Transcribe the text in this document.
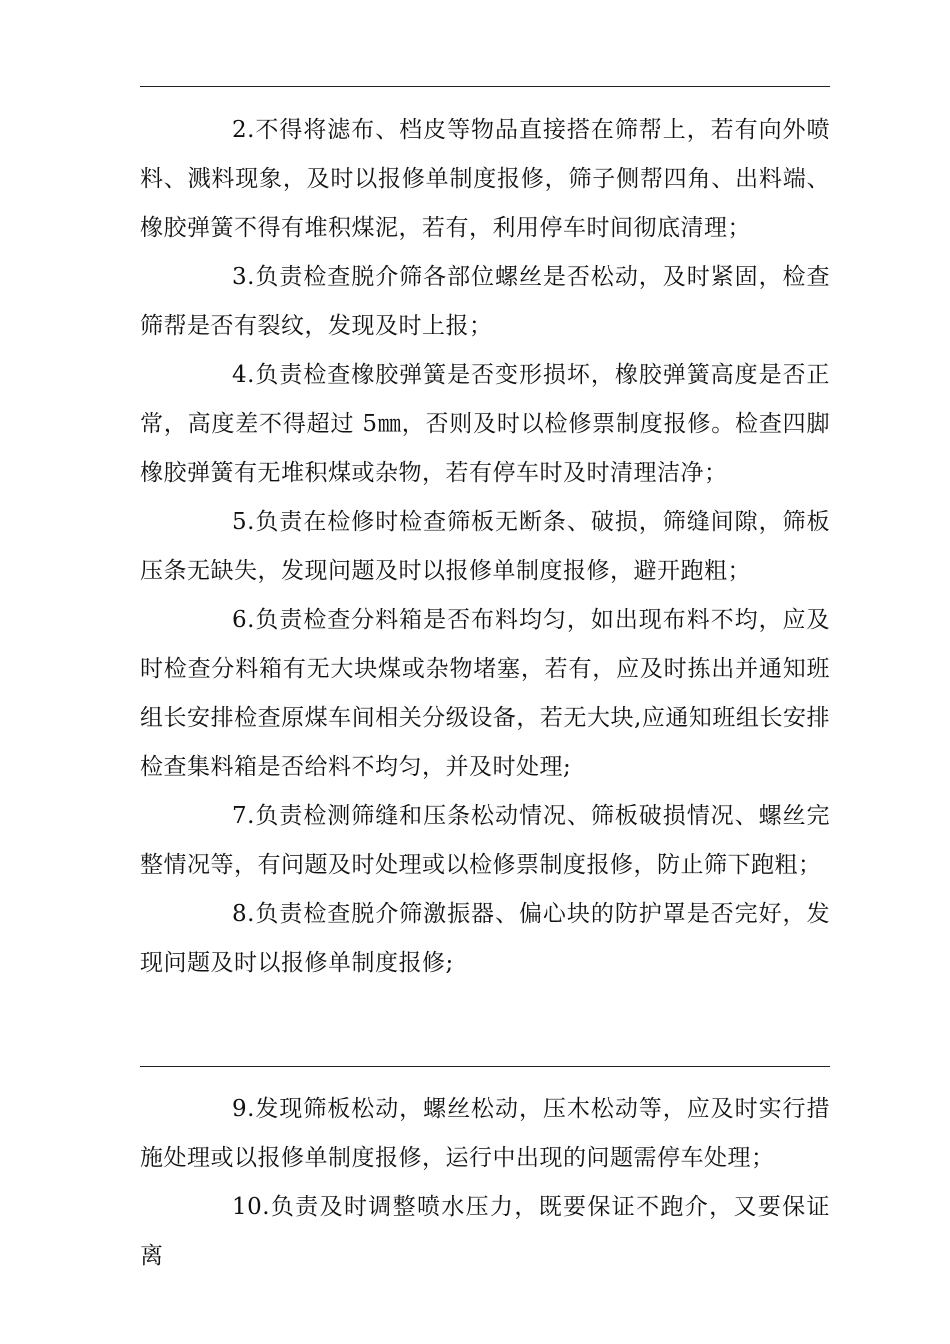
2.不得将滤布、档皮等物品直接搭在筛帮上，若有向外喷料、溅料现象，及时以报修单制度报修，筛子侧帮四角、出料端、橡胶弹簧不得有堆积煤泥，若有，利用停车时间彻底清理；

3.负责检查脱介筛各部位螺丝是否松动，及时紧固，检查筛帮是否有裂纹，发现及时上报；

4.负责检查橡胶弹簧是否变形损坏，橡胶弹簧高度是否正常，高度差不得超过 5㎜，否则及时以检修票制度报修。检查四脚橡胶弹簧有无堆积煤或杂物，若有停车时及时清理洁净；

5.负责在检修时检查筛板无断条、破损，筛缝间隙，筛板压条无缺失，发现问题及时以报修单制度报修，避开跑粗；

6.负责检查分料箱是否布料均匀，如出现布料不均，应及时检查分料箱有无大块煤或杂物堵塞，若有，应及时拣出并通知班组长安排检查原煤车间相关分级设备，若无大块,应通知班组长安排检查集料箱是否给料不均匀，并及时处理;

7.负责检测筛缝和压条松动情况、筛板破损情况、螺丝完整情况等，有问题及时处理或以检修票制度报修，防止筛下跑粗；

8.负责检查脱介筛激振器、偏心块的防护罩是否完好，发现问题及时以报修单制度报修;

9.发现筛板松动，螺丝松动，压木松动等，应及时实行措施处理或以报修单制度报修，运行中出现的问题需停车处理；

10.负责及时调整喷水压力，既要保证不跑介，又要保证离
